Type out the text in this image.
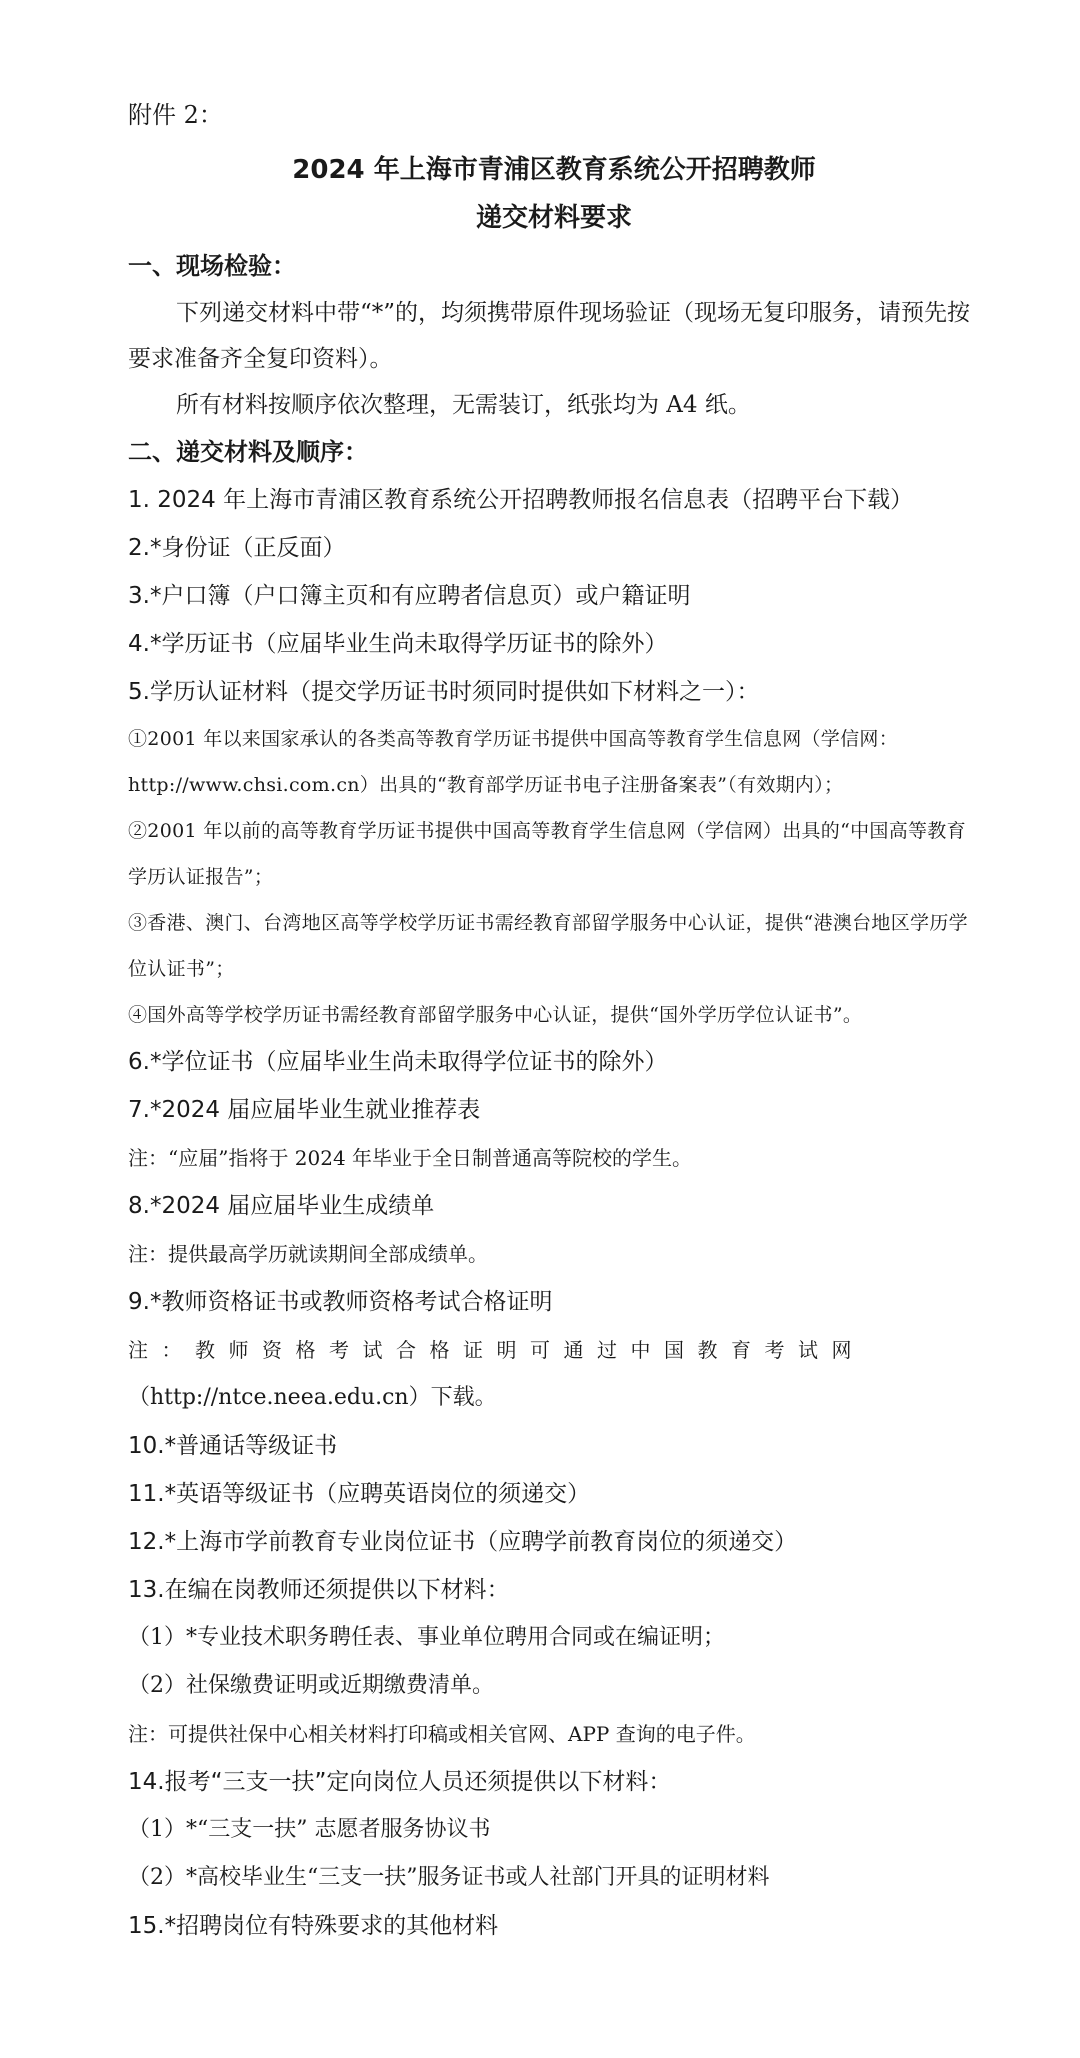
附件 2：

2024 年上海市青浦区教育系统公开招聘教师

递交材料要求

一、现场检验：

下列递交材料中带“*”的，均须携带原件现场验证（现场无复印服务，请预先按要求准备齐全复印资料）。

所有材料按顺序依次整理，无需装订，纸张均为 A4 纸。

二、递交材料及顺序：

1. 2024 年上海市青浦区教育系统公开招聘教师报名信息表（招聘平台下载）

2.*身份证（正反面）

3.*户口簿（户口簿主页和有应聘者信息页）或户籍证明

4.*学历证书（应届毕业生尚未取得学历证书的除外）

5.学历认证材料（提交学历证书时须同时提供如下材料之一）：

①2001 年以来国家承认的各类高等教育学历证书提供中国高等教育学生信息网（学信网：http://www.chsi.com.cn）出具的“教育部学历证书电子注册备案表”（有效期内）；

②2001 年以前的高等教育学历证书提供中国高等教育学生信息网（学信网）出具的“中国高等教育学历认证报告”；

③香港、澳门、台湾地区高等学校学历证书需经教育部留学服务中心认证，提供“港澳台地区学历学位认证书”；

④国外高等学校学历证书需经教育部留学服务中心认证，提供“国外学历学位认证书”。

6.*学位证书（应届毕业生尚未取得学位证书的除外）

7.*2024 届应届毕业生就业推荐表

注：“应届”指将于 2024 年毕业于全日制普通高等院校的学生。

8.*2024 届应届毕业生成绩单

注：提供最高学历就读期间全部成绩单。

9.*教师资格证书或教师资格考试合格证明

注：教师资格考试合格证明可通过中国教育考试网

（http://ntce.neea.edu.cn）下载。

10.*普通话等级证书

11.*英语等级证书（应聘英语岗位的须递交）

12.*上海市学前教育专业岗位证书（应聘学前教育岗位的须递交）

13.在编在岗教师还须提供以下材料：

（1）*专业技术职务聘任表、事业单位聘用合同或在编证明；

（2）社保缴费证明或近期缴费清单。

注：可提供社保中心相关材料打印稿或相关官网、APP 查询的电子件。

14.报考“三支一扶”定向岗位人员还须提供以下材料：

（1）*“三支一扶” 志愿者服务协议书

（2）*高校毕业生“三支一扶”服务证书或人社部门开具的证明材料

15.*招聘岗位有特殊要求的其他材料
